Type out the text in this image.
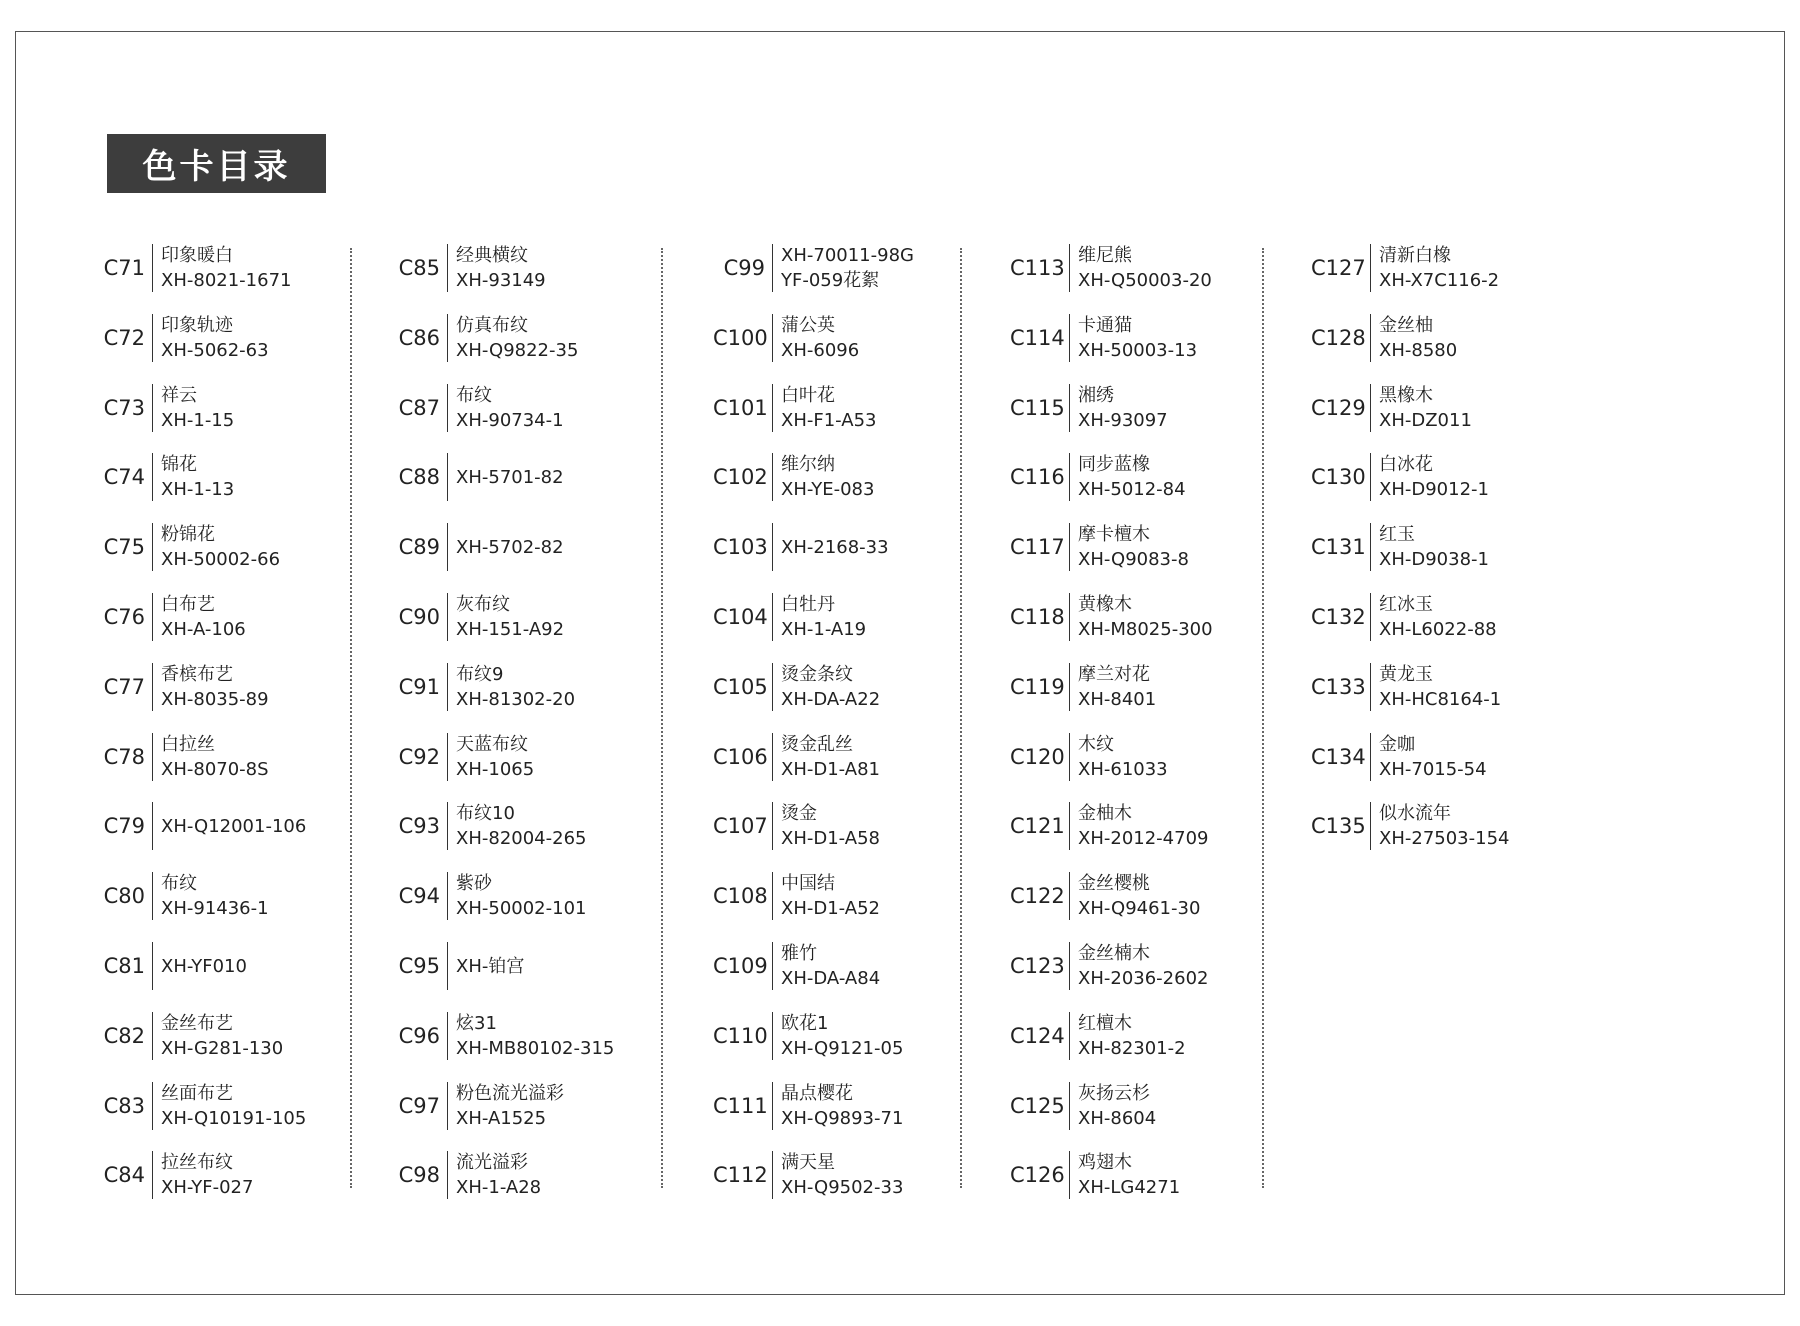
色卡目录
C71
印象暖白
XH-8021-1671
C72
印象轨迹
XH-5062-63
C73
祥云
XH-1-15
C74
锦花
XH-1-13
C75
粉锦花
XH-50002-66
C76
白布艺
XH-A-106
C77
香槟布艺
XH-8035-89
C78
白拉丝
XH-8070-8S
C79 XH-Q12001-106
C80
布纹
XH-91436-1
C81 XH-YF010
C82
金丝布艺
XH-G281-130
C83
丝面布艺
XH-Q10191-105
C84
拉丝布纹
XH-YF-027
C85
经典横纹
XH-93149
C86
仿真布纹
XH-Q9822-35
C87
布纹
XH-90734-1
C88 XH-5701-82
C89 XH-5702-82
C90
灰布纹
XH-151-A92
C91
布纹9
XH-81302-20
C92
天蓝布纹
XH-1065
C93
布纹10
XH-82004-265
C94
紫砂
XH-50002-101
C95 XH-铂宫
C96
炫31
XH-MB80102-315
C97
粉色流光溢彩
XH-A1525
C98
流光溢彩
XH-1-A28
C99
XH-70011-98G
YF-059花絮
C100
蒲公英
XH-6096
C101
白叶花
XH-F1-A53
C102
维尔纳
XH-YE-083
C103 XH-2168-33
C104
白牡丹
XH-1-A19
C105
烫金条纹
XH-DA-A22
C106
烫金乱丝
XH-D1-A81
C107
烫金
XH-D1-A58
C108
中国结
XH-D1-A52
C109
雅竹
XH-DA-A84
C110
欧花1
XH-Q9121-05
C111
晶点樱花
XH-Q9893-71
C112
满天星
XH-Q9502-33
C113
维尼熊
XH-Q50003-20
C114
卡通猫
XH-50003-13
C115
湘绣
XH-93097
C116
同步蓝橡
XH-5012-84
C117
摩卡檀木
XH-Q9083-8
C118
黄橡木
XH-M8025-300
C119
摩兰对花
XH-8401
C120
木纹
XH-61033
C121
金柚木
XH-2012-4709
C122
金丝樱桃
XH-Q9461-30
C123
金丝楠木
XH-2036-2602
C124
红檀木
XH-82301-2
C125
灰扬云杉
XH-8604
C126
鸡翅木
XH-LG4271
C127
清新白橡
XH-X7C116-2
C128
金丝柚
XH-8580
C129
黑橡木
XH-DZ011
C130
白冰花
XH-D9012-1
C131
红玉
XH-D9038-1
C132
红冰玉
XH-L6022-88
C133
黄龙玉
XH-HC8164-1
C134
金咖
XH-7015-54
C135
似水流年
XH-27503-154
